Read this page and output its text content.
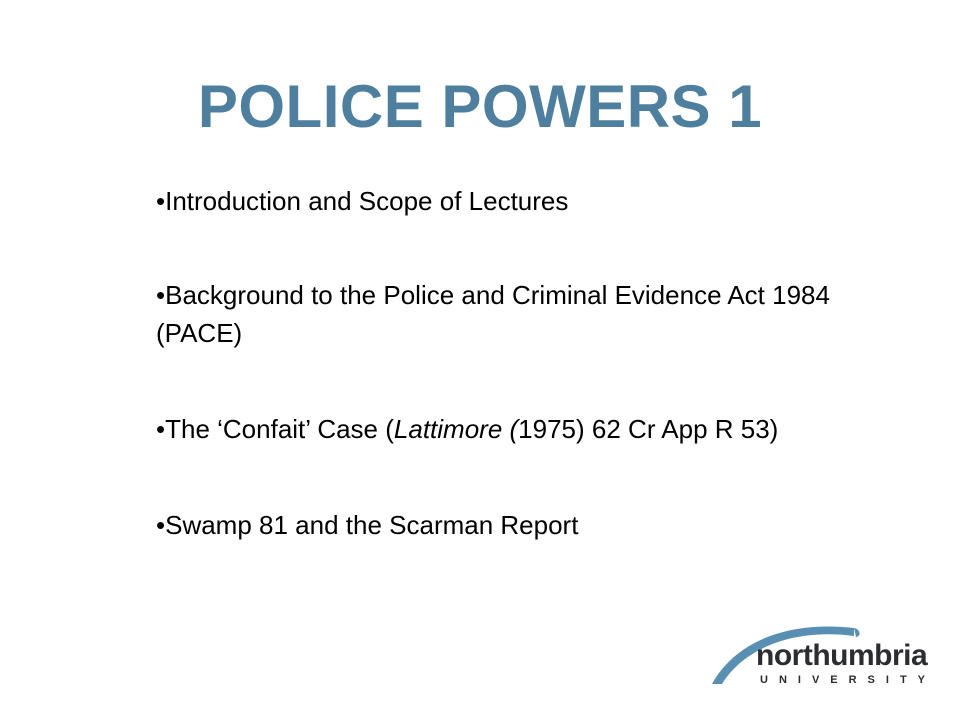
POLICE POWERS 1
•Introduction and Scope of Lectures
•Background to the Police and Criminal Evidence Act 1984 (PACE)
•The ‘Confait’ Case (Lattimore (1975) 62 Cr App R 53)
•Swamp 81 and the Scarman Report
northumbria
UNIVERSITY
